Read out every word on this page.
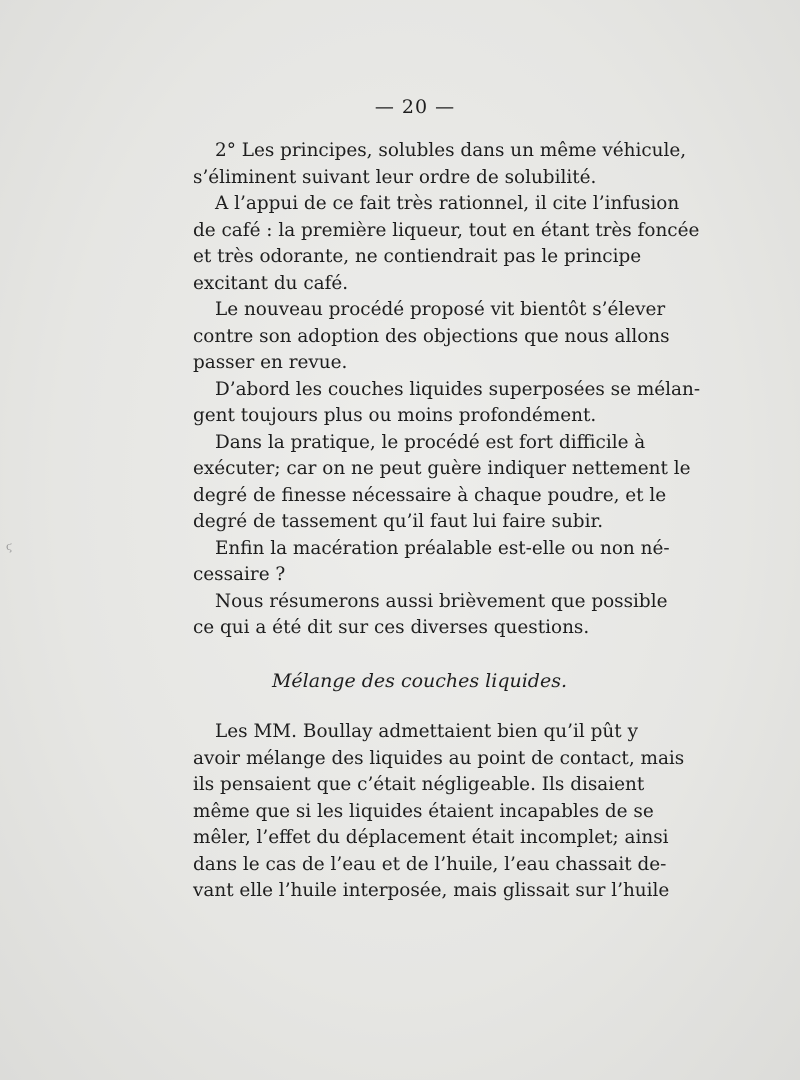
— 20 —
ϛ
2° Les principes, solubles dans un même véhicule,
s’éliminent suivant leur ordre de solubilité.
A l’appui de ce fait très rationnel, il cite l’infusion
de café : la première liqueur, tout en étant très foncée
et très odorante, ne contiendrait pas le principe
excitant du café.
Le nouveau procédé proposé vit bientôt s’élever
contre son adoption des objections que nous allons
passer en revue.
D’abord les couches liquides superposées se mélan-
gent toujours plus ou moins profondément.
Dans la pratique, le procédé est fort difficile à
exécuter; car on ne peut guère indiquer nettement le
degré de finesse nécessaire à chaque poudre, et le
degré de tassement qu’il faut lui faire subir.
Enfin la macération préalable est-elle ou non né-
cessaire ?
Nous résumerons aussi brièvement que possible
ce qui a été dit sur ces diverses questions.
Mélange des couches liquides.
Les MM. Boullay admettaient bien qu’il pût y
avoir mélange des liquides au point de contact, mais
ils pensaient que c’était négligeable. Ils disaient
même que si les liquides étaient incapables de se
mêler, l’effet du déplacement était incomplet; ainsi
dans le cas de l’eau et de l’huile, l’eau chassait de-
vant elle l’huile interposée, mais glissait sur l’huile
